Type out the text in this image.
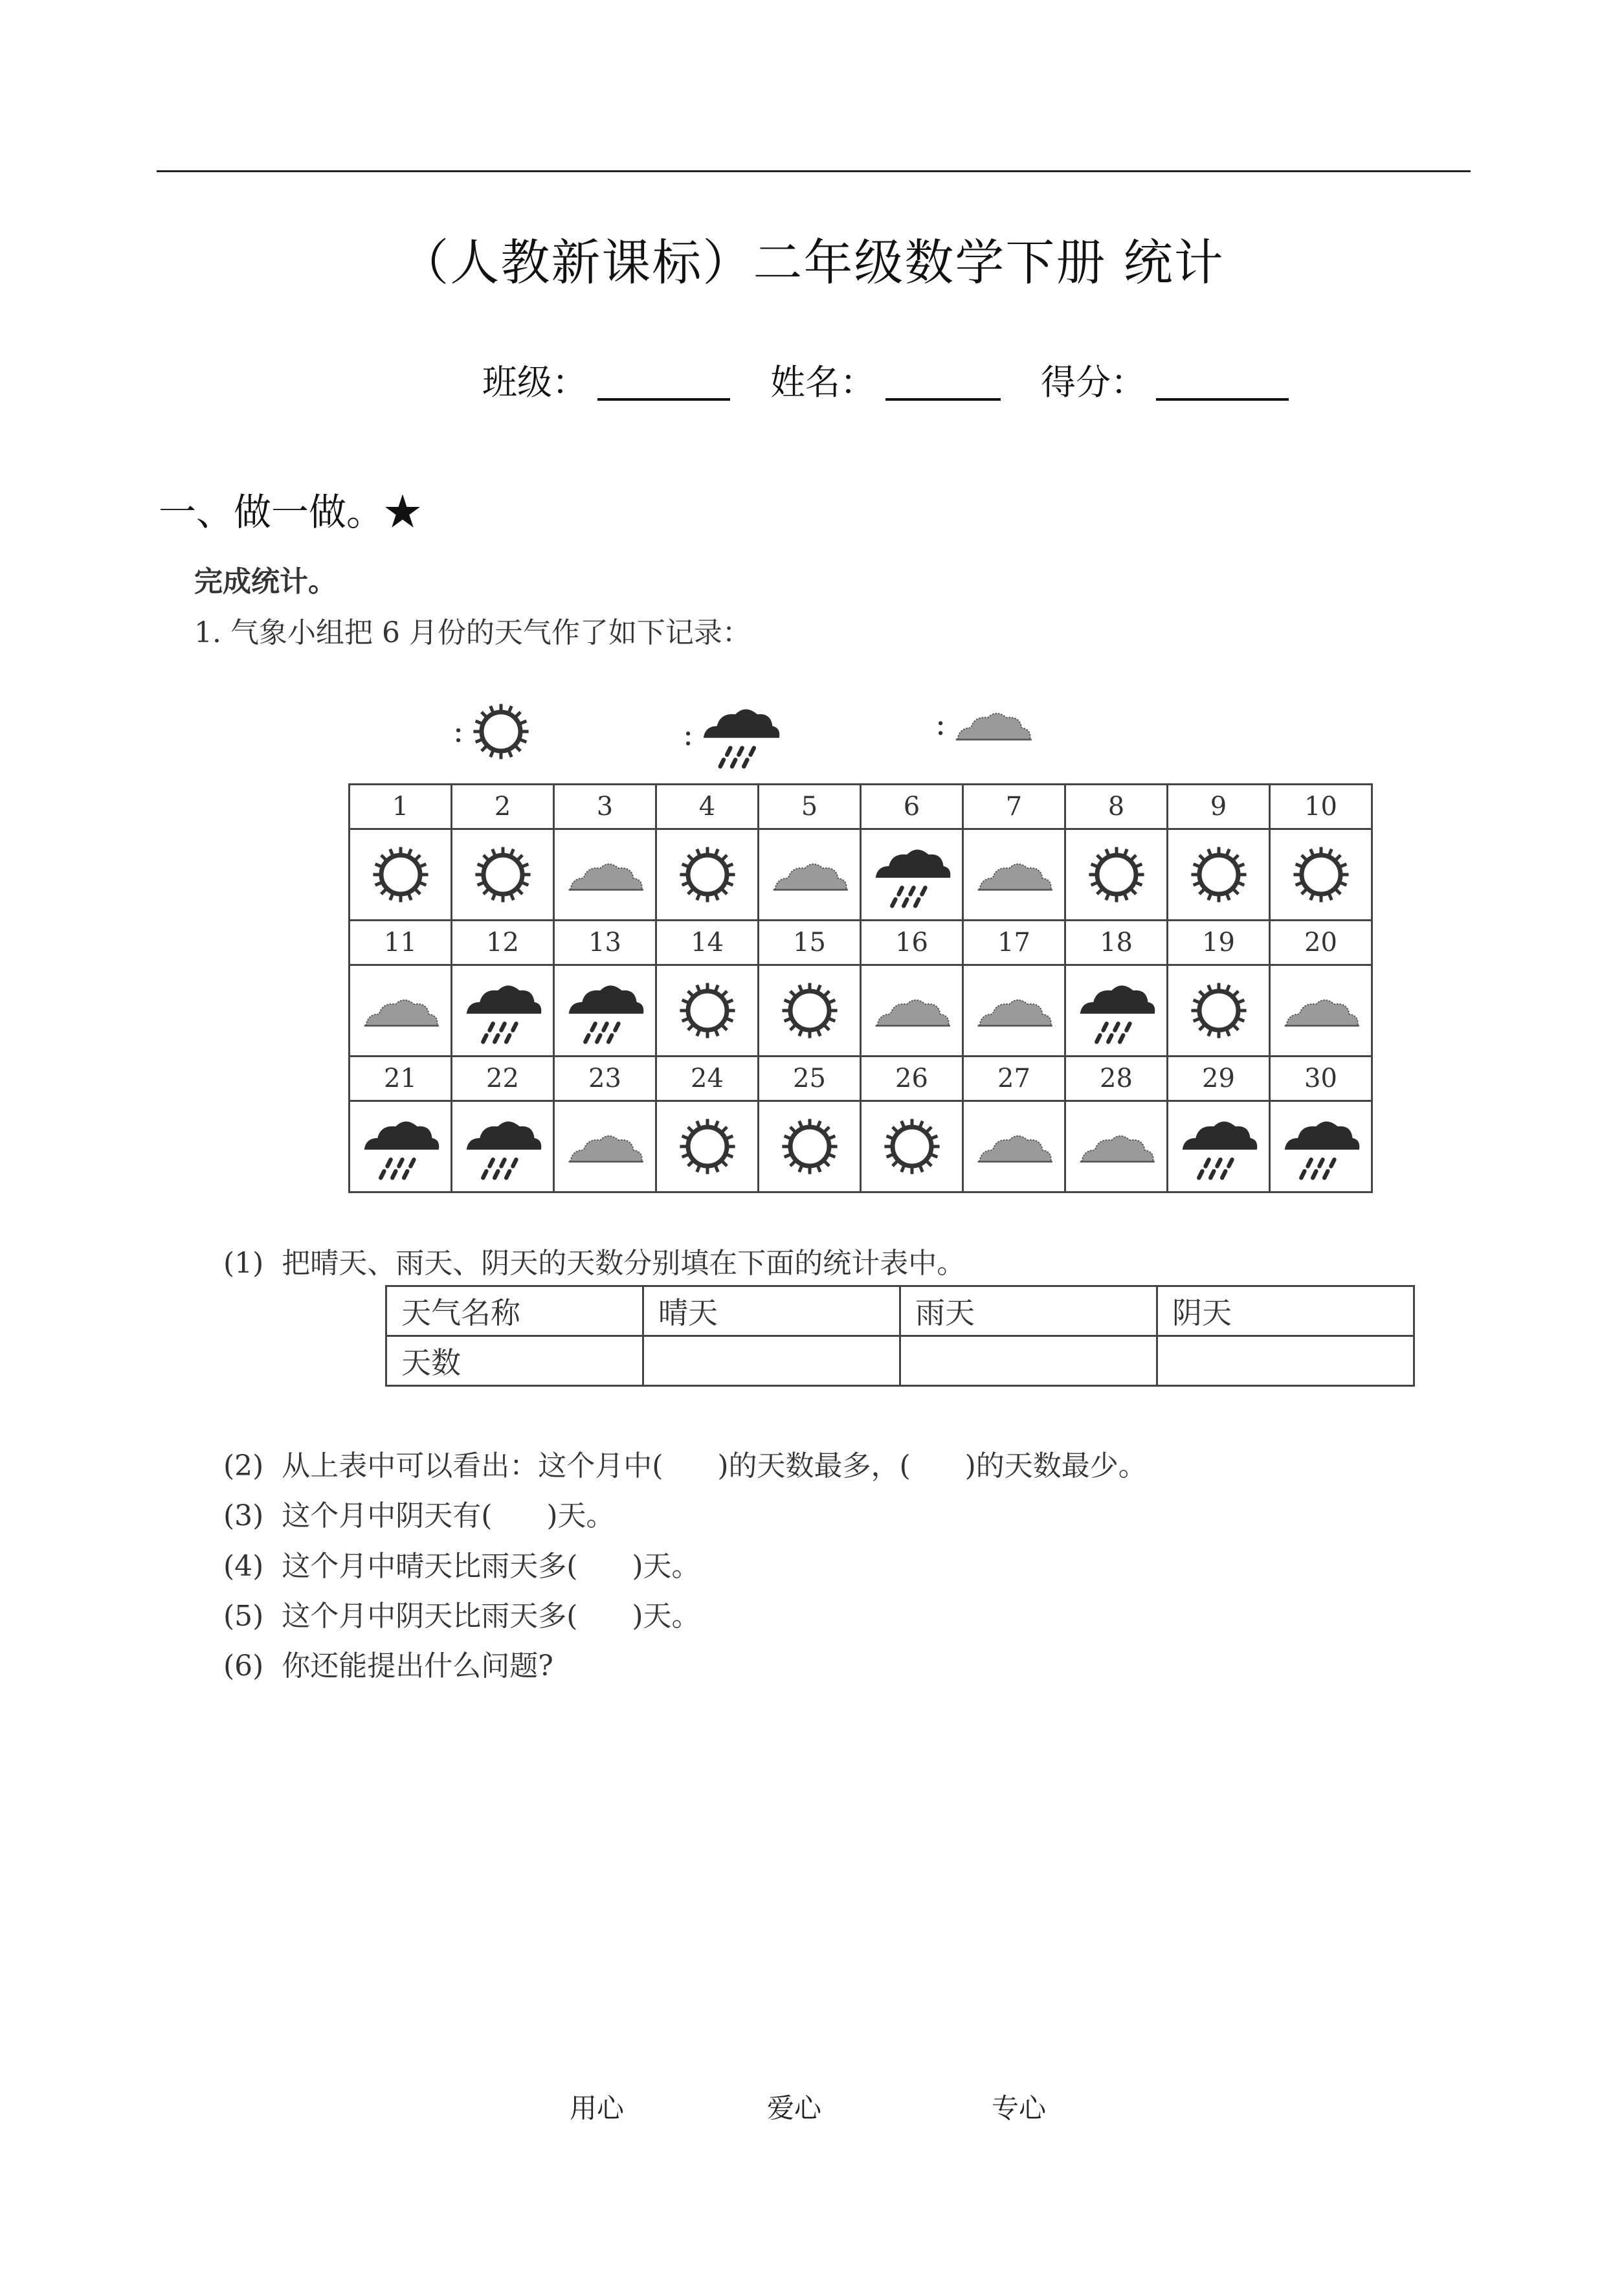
（人教新课标）二年级数学下册 统计
班级：	姓名：	得分：
一、做一做。★
完成统计。
1. 气象小组把 6 月份的天气作了如下记录：
:	:	:
1	2	3	4	5	6	7	8	9	10

11	12	13	14	15	16	17	18	19	20

21	22	23	24	25	26	27	28	29	30

(1)  把晴天、雨天、阴天的天数分别填在下面的统计表中。
天气名称	晴天	雨天	阴天
天数			
(2)  从上表中可以看出：这个月中(      )的天数最多，(      )的天数最少。
(3)  这个月中阴天有(      )天。
(4)  这个月中晴天比雨天多(      )天。
(5)  这个月中阴天比雨天多(      )天。
(6)  你还能提出什么问题?
用心	爱心	专心
